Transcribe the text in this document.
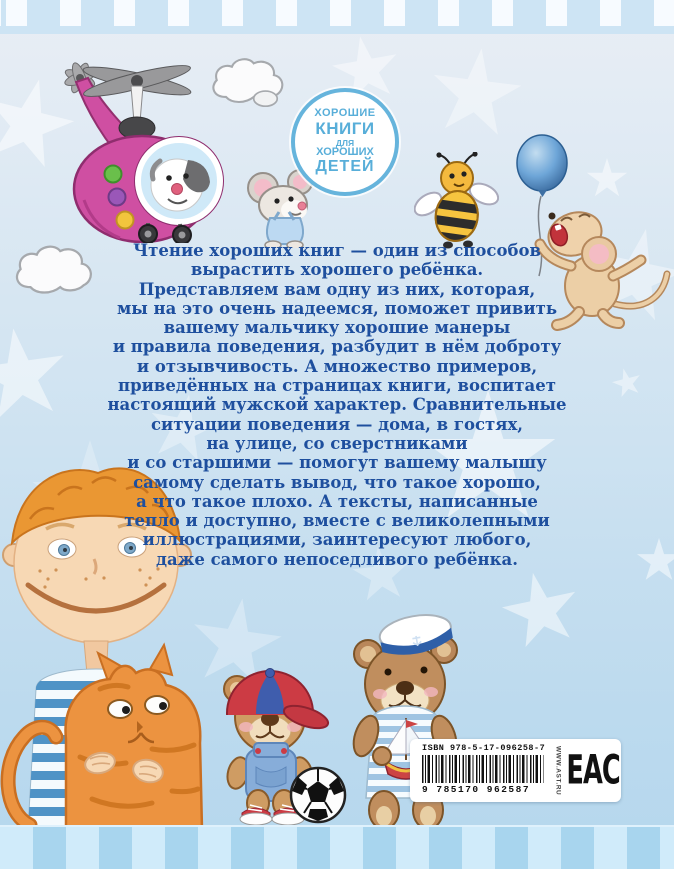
ХОРОШИЕ
КНИГИ
ДЛЯ
ХОРОШИХ
ДЕТЕЙ
Чтение хороших книг — один из способов
вырастить хорошего ребёнка.
Представляем вам одну из них, которая,
мы на это очень надеемся, поможет привить
вашему мальчику хорошие манеры
и правила поведения, разбудит в нём доброту
и отзывчивость. А множество примеров,
приведённых на страницах книги, воспитает
настоящий мужской характер. Сравнительные
ситуации поведения — дома, в гостях,
на улице, со сверстниками
и со старшими — помогут вашему малышу
самому сделать вывод, что такое хорошо,
а что такое плохо. А тексты, написанные
тепло и доступно, вместе с великолепными
иллюстрациями, заинтересуют любого,
даже самого непоседливого ребёнка.
ISBN 978-5-17-096258-7
9 785170 962587	WWW.AST.RU EAC
